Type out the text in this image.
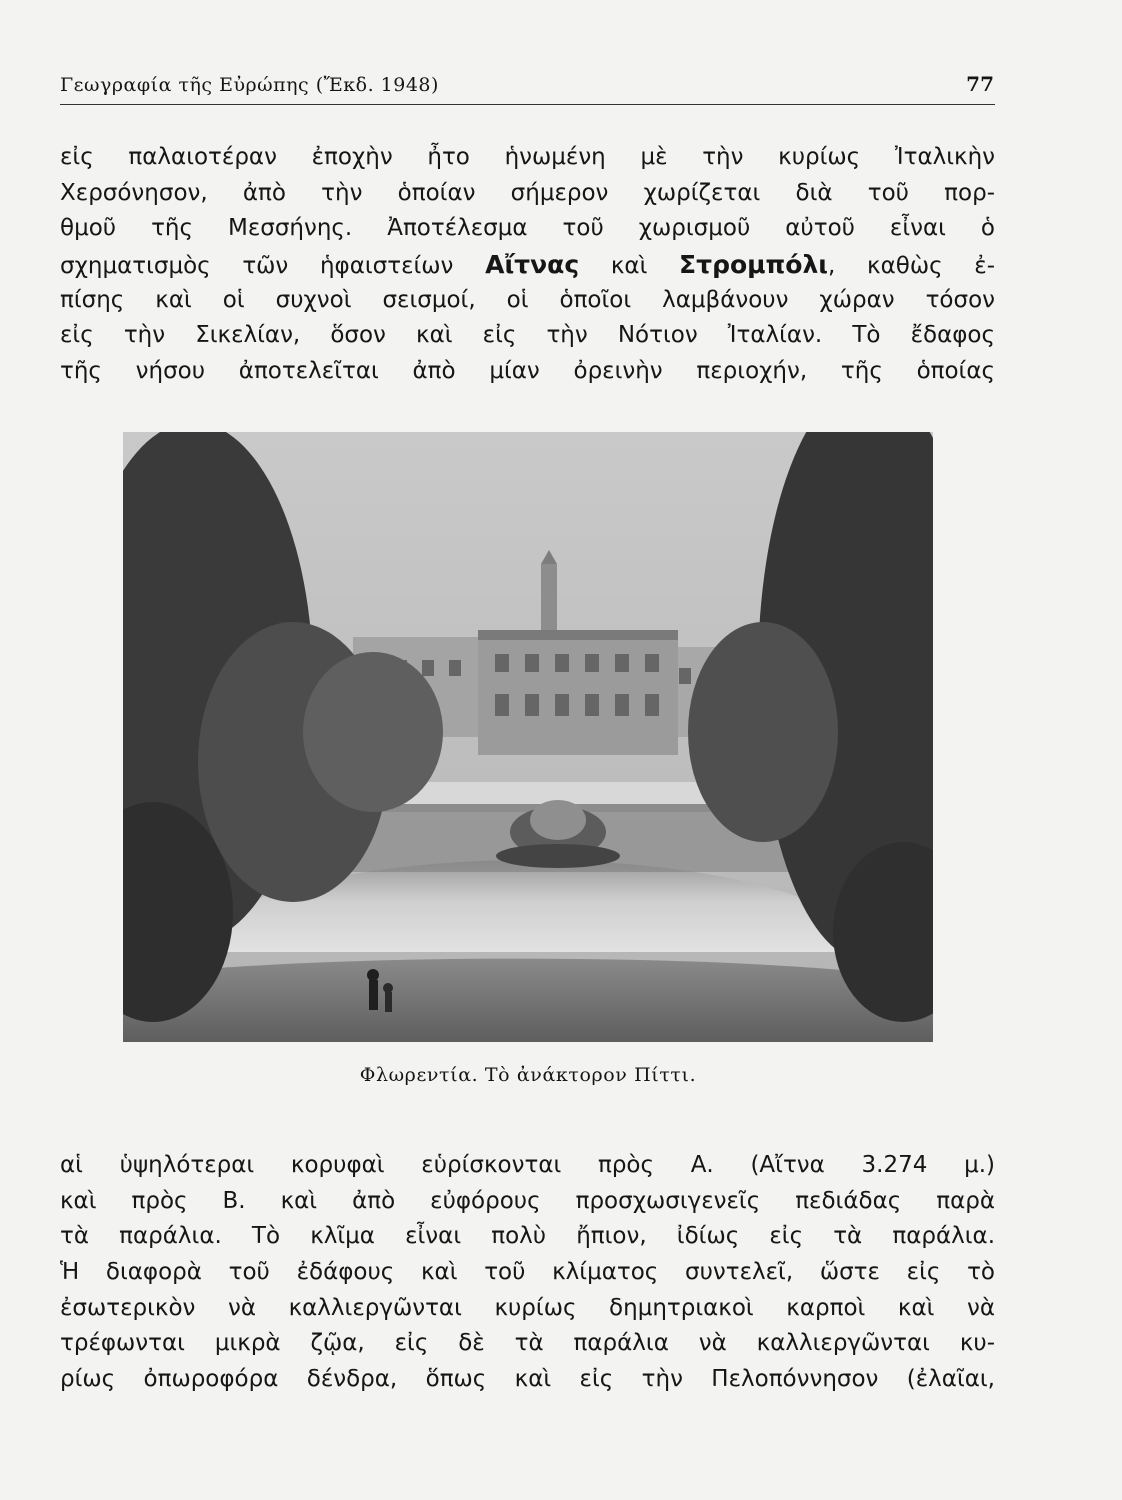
Γεωγραφία τῆς Εὐρώπης (Ἔκδ. 1948)	77
εἰς παλαιοτέραν ἐποχὴν ἦτο ἡνωμένη μὲ τὴν κυρίως Ἰταλικὴν
Χερσόνησον, ἀπὸ τὴν ὁποίαν σήμερον χωρίζεται διὰ τοῦ πορ-
θμοῦ τῆς Μεσσήνης. Ἀποτέλεσμα τοῦ χωρισμοῦ αὐτοῦ εἶναι ὁ
σχηματισμὸς τῶν ἡφαιστείων Αἴτνας καὶ Στρομπόλι, καθὼς ἐ-
πίσης καὶ οἱ συχνοὶ σεισμοί, οἱ ὁποῖοι λαμβάνουν χώραν τόσον
εἰς τὴν Σικελίαν, ὅσον καὶ εἰς τὴν Νότιον Ἰταλίαν. Τὸ ἔδαφος
τῆς νήσου ἀποτελεῖται ἀπὸ μίαν ὀρεινὴν περιοχήν, τῆς ὁποίας
Φλωρεντία. Τὸ ἀνάκτορον Πίττι.
αἱ ὑψηλότεραι κορυφαὶ εὑρίσκονται πρὸς Α. (Αἴτνα 3.274 μ.)
καὶ πρὸς Β. καὶ ἀπὸ εὐφόρους προσχωσιγενεῖς πεδιάδας παρὰ
τὰ παράλια. Τὸ κλῖμα εἶναι πολὺ ἤπιον, ἰδίως εἰς τὰ παράλια.
Ἡ διαφορὰ τοῦ ἐδάφους καὶ τοῦ κλίματος συντελεῖ, ὥστε εἰς τὸ
ἐσωτερικὸν νὰ καλλιεργῶνται κυρίως δημητριακοὶ καρποὶ καὶ νὰ
τρέφωνται μικρὰ ζῷα, εἰς δὲ τὰ παράλια νὰ καλλιεργῶνται κυ-
ρίως ὀπωροφόρα δένδρα, ὅπως καὶ εἰς τὴν Πελοπόννησον (ἐλαῖαι,
